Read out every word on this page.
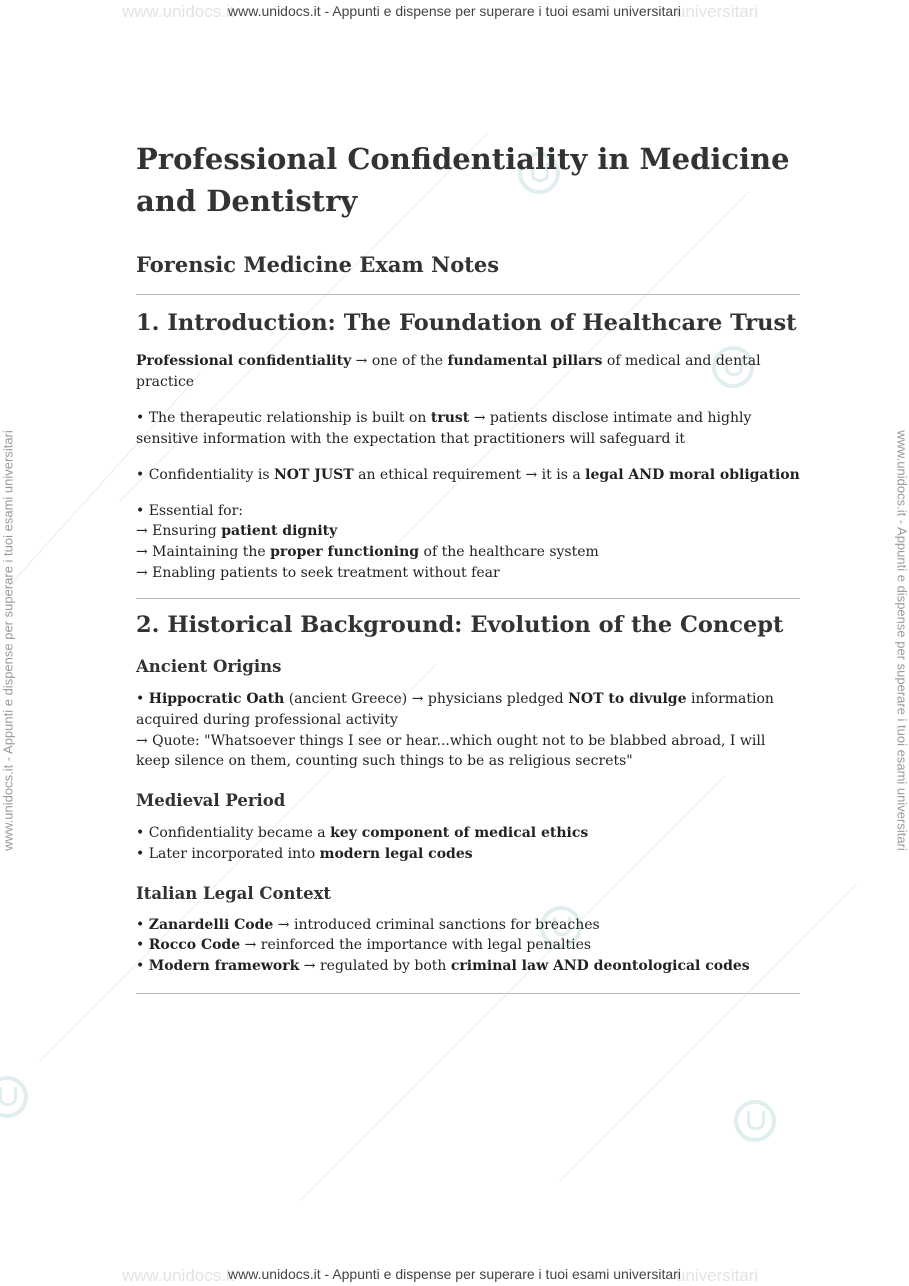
www.unidocs.it	universitari
www.unidocs.it	universitari
www.unidocs.it - Appunti e dispense per superare i tuoi esami universitari	www.unidocs.it - Appunti e dispense per superare i tuoi esami universitari
www.unidocs.it - Appunti e dispense per superare i tuoi esami universitari
www.unidocs.it - Appunti e dispense per superare i tuoi esami universitari
Professional Confidentiality in Medicine
and Dentistry
Forensic Medicine Exam Notes
1. Introduction: The Foundation of Healthcare Trust

Professional confidentiality → one of the fundamental pillars of medical and dental practice

• The therapeutic relationship is built on trust → patients disclose intimate and highly sensitive information with the expectation that practitioners will safeguard it

• Confidentiality is NOT JUST an ethical requirement → it is a legal AND moral obligation

• Essential for:
→ Ensuring patient dignity
→ Maintaining the proper functioning of the healthcare system
→ Enabling patients to seek treatment without fear

2. Historical Background: Evolution of the Concept
Ancient Origins

• Hippocratic Oath (ancient Greece) → physicians pledged NOT to divulge information acquired during professional activity
→ Quote: "Whatsoever things I see or hear...which ought not to be blabbed abroad, I will keep silence on them, counting such things to be as religious secrets"

Medieval Period

• Confidentiality became a key component of medical ethics
• Later incorporated into modern legal codes

Italian Legal Context

• Zanardelli Code → introduced criminal sanctions for breaches
• Rocco Code → reinforced the importance with legal penalties
• Modern framework → regulated by both criminal law AND deontological codes
